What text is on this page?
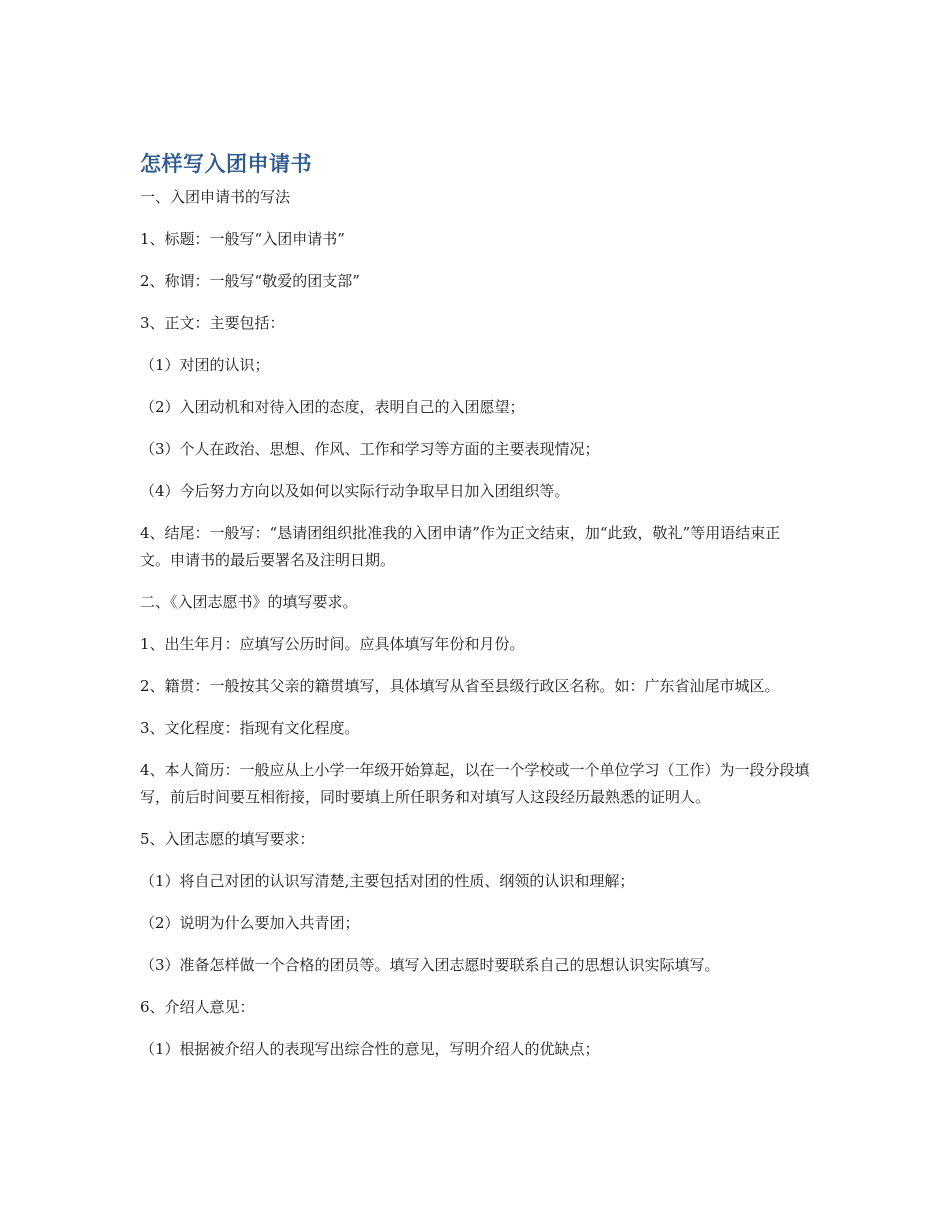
怎样写入团申请书

一、入团申请书的写法

1、标题：一般写“入团申请书”

2、称谓：一般写“敬爱的团支部”

3、正文：主要包括：

（1）对团的认识；

（2）入团动机和对待入团的态度，表明自己的入团愿望；

（3）个人在政治、思想、作风、工作和学习等方面的主要表现情况；

（4）今后努力方向以及如何以实际行动争取早日加入团组织等。

4、结尾：一般写：“恳请团组织批准我的入团申请”作为正文结束，加“此致，敬礼”等用语结束正文。申请书的最后要署名及注明日期。

二、《入团志愿书》的填写要求。

1、出生年月：应填写公历时间。应具体填写年份和月份。

2、籍贯：一般按其父亲的籍贯填写，具体填写从省至县级行政区名称。如：广东省汕尾市城区。

3、文化程度：指现有文化程度。

4、本人简历：一般应从上小学一年级开始算起，以在一个学校或一个单位学习（工作）为一段分段填写，前后时间要互相衔接，同时要填上所任职务和对填写人这段经历最熟悉的证明人。

5、入团志愿的填写要求：

（1）将自己对团的认识写清楚,主要包括对团的性质、纲领的认识和理解；

（2）说明为什么要加入共青团；

（3）准备怎样做一个合格的团员等。填写入团志愿时要联系自己的思想认识实际填写。

6、介绍人意见：

（1）根据被介绍人的表现写出综合性的意见，写明介绍人的优缺点；
